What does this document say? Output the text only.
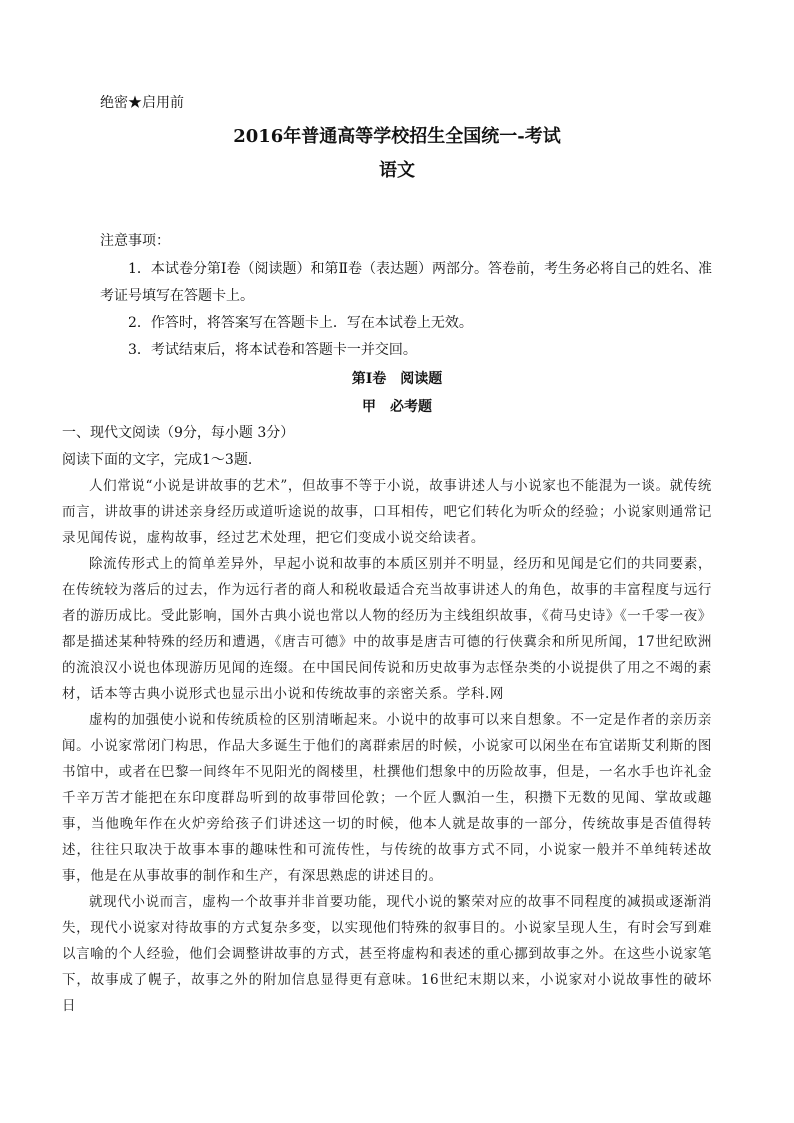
绝密★启用前
2016年普通高等学校招生全国统一-考试
语文
注意事项：

1．本试卷分第Ⅰ卷（阅读题）和第Ⅱ卷（表达题）两部分。答卷前，考生务必将自己的姓名、准考证号填写在答题卡上。

2．作答时，将答案写在答题卡上．写在本试卷上无效。

3．考试结束后，将本试卷和答题卡一并交回。

第Ⅰ卷　阅读题
甲　必考题

一、现代文阅读（9分，每小题 3分）

阅读下面的文字，完成1～3题．

人们常说“小说是讲故事的艺术”，但故事不等于小说，故事讲述人与小说家也不能混为一谈。就传统而言，讲故事的讲述亲身经历或道听途说的故事，口耳相传，吧它们转化为听众的经验；小说家则通常记录见闻传说，虚构故事，经过艺术处理，把它们变成小说交给读者。

除流传形式上的简单差异外，早起小说和故事的本质区别并不明显，经历和见闻是它们的共同要素，在传统较为落后的过去，作为远行者的商人和税收最适合充当故事讲述人的角色，故事的丰富程度与远行者的游历成比。受此影响，国外古典小说也常以人物的经历为主线组织故事，《荷马史诗》《一千零一夜》都是描述某种特殊的经历和遭遇，《唐吉可德》中的故事是唐吉可德的行侠冀余和所见所闻，17世纪欧洲的流浪汉小说也体现游历见闻的连缀。在中国民间传说和历史故事为志怪杂类的小说提供了用之不竭的素材，话本等古典小说形式也显示出小说和传统故事的亲密关系。学科.网

虚构的加强使小说和传统质检的区别清晰起来。小说中的故事可以来自想象。不一定是作者的亲历亲闻。小说家常闭门构思，作品大多诞生于他们的离群索居的时候，小说家可以闲坐在布宜诺斯艾利斯的图书馆中，或者在巴黎一间终年不见阳光的阁楼里，杜撰他们想象中的历险故事，但是，一名水手也许礼金千辛万苦才能把在东印度群岛听到的故事带回伦敦；一个匠人飘泊一生，积攒下无数的见闻、掌故或趣事，当他晚年作在火炉旁给孩子们讲述这一切的时候，他本人就是故事的一部分，传统故事是否值得转述，往往只取决于故事本事的趣味性和可流传性，与传统的故事方式不同，小说家一般并不单纯转述故事，他是在从事故事的制作和生产，有深思熟虑的讲述目的。

就现代小说而言，虚构一个故事并非首要功能，现代小说的繁荣对应的故事不同程度的减损或逐渐消失，现代小说家对待故事的方式复杂多变，以实现他们特殊的叙事目的。小说家呈现人生，有时会写到难以言喻的个人经验，他们会调整讲故事的方式，甚至将虚构和表述的重心挪到故事之外。在这些小说家笔下，故事成了幌子，故事之外的附加信息显得更有意味。16世纪末期以来，小说家对小说故事性的破坏日
